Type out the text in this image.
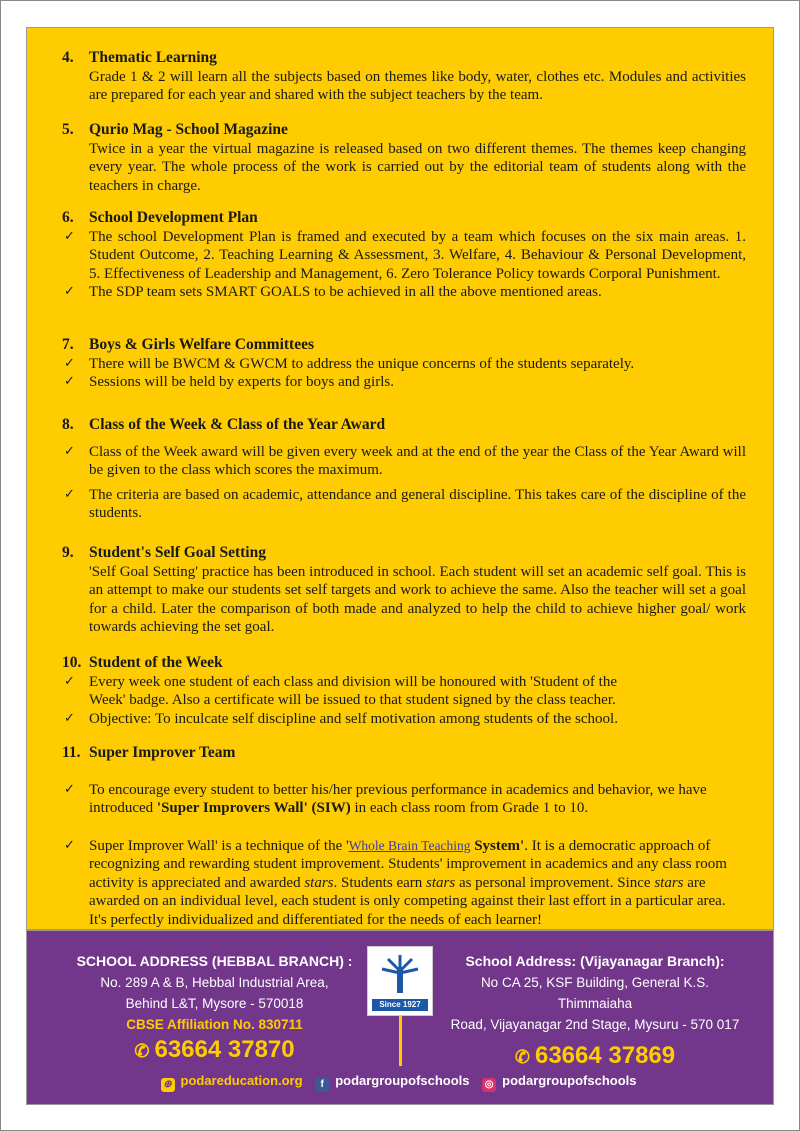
4. Thematic Learning
Grade 1 & 2 will learn all the subjects based on themes like body, water, clothes etc. Modules and activities are prepared for each year and shared with the subject teachers by the team.
5. Qurio Mag - School Magazine
Twice in a year the virtual magazine is released based on two different themes. The themes keep changing every year. The whole process of the work is carried out by the editorial team of students along with the teachers in charge.
6. School Development Plan
✓ The school Development Plan is framed and executed by a team which focuses on the six main areas. 1. Student Outcome, 2. Teaching Learning & Assessment, 3. Welfare, 4. Behaviour & Personal Development, 5. Effectiveness of Leadership and Management, 6. Zero Tolerance Policy towards Corporal Punishment.
✓ The SDP team sets SMART GOALS to be achieved in all the above mentioned areas.
7. Boys & Girls Welfare Committees
✓ There will be BWCM & GWCM to address the unique concerns of the students separately.
✓ Sessions will be held by experts for boys and girls.
8. Class of the Week & Class of the Year Award
✓ Class of the Week award will be given every week and at the end of the year the Class of the Year Award will be given to the class which scores the maximum.
✓ The criteria are based on academic, attendance and general discipline. This takes care of the discipline of the students.
9. Student's Self Goal Setting
'Self Goal Setting' practice has been introduced in school. Each student will set an academic self goal. This is an attempt to make our students set self targets and work to achieve the same. Also the teacher will set a goal for a child. Later the comparison of both made and analyzed to help the child to achieve higher goal/ work towards achieving the set goal.
10. Student of the Week
✓ Every week one student of each class and division will be honoured with 'Student of the Week' badge. Also a certificate will be issued to that student signed by the class teacher.
✓ Objective: To inculcate self discipline and self motivation among students of the school.
11. Super Improver Team
✓ To encourage every student to better his/her previous performance in academics and behavior, we have introduced 'Super Improvers Wall' (SIW) in each class room from Grade 1 to 10.
✓ Super Improver Wall' is a technique of the 'Whole Brain Teaching System'. It is a democratic approach of recognizing and rewarding student improvement. Students' improvement in academics and any class room activity is appreciated and awarded stars. Students earn stars as personal improvement. Since stars are awarded on an individual level, each student is only competing against their last effort in a particular area. It's perfectly individualized and differentiated for the needs of each learner!
SCHOOL ADDRESS (HEBBAL BRANCH) :
No. 289 A & B, Hebbal Industrial Area,
Behind L&T, Mysore - 570018
CBSE Affiliation No. 830711
✆ 63664 37870
Since 1927
School Address: (Vijayanagar Branch):
No CA 25, KSF Building, General K.S. Thimmaiaha
Road, Vijayanagar 2nd Stage, Mysuru - 570 017
✆ 63664 37869
⊕ podareducation.org f podargroupofschools ◎ podargroupofschools
